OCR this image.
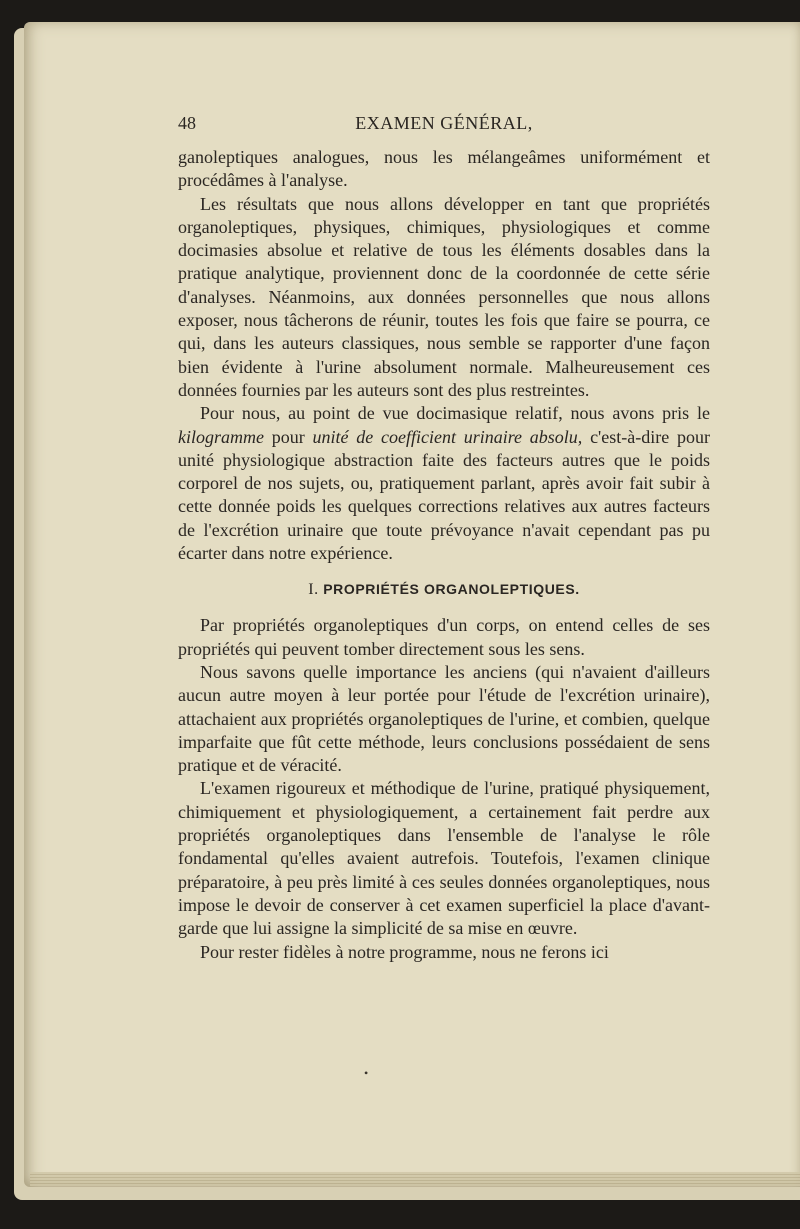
48	EXAMEN GÉNÉRAL,

ganoleptiques analogues, nous les mélangeâmes uniformément et procédâmes à l'analyse.

Les résultats que nous allons développer en tant que propriétés organoleptiques, physiques, chimiques, physiologiques et comme docimasies absolue et relative de tous les éléments dosables dans la pratique analytique, proviennent donc de la coordonnée de cette série d'analyses. Néanmoins, aux données personnelles que nous allons exposer, nous tâcherons de réunir, toutes les fois que faire se pourra, ce qui, dans les auteurs classiques, nous semble se rapporter d'une façon bien évidente à l'urine absolument normale. Malheureusement ces données fournies par les auteurs sont des plus restreintes.

Pour nous, au point de vue docimasique relatif, nous avons pris le kilogramme pour unité de coefficient urinaire absolu, c'est-à-dire pour unité physiologique abstraction faite des facteurs autres que le poids corporel de nos sujets, ou, pratiquement parlant, après avoir fait subir à cette donnée poids les quelques corrections relatives aux autres facteurs de l'excrétion urinaire que toute prévoyance n'avait cependant pas pu écarter dans notre expérience.

I. PROPRIÉTÉS ORGANOLEPTIQUES.

Par propriétés organoleptiques d'un corps, on entend celles de ses propriétés qui peuvent tomber directement sous les sens.

Nous savons quelle importance les anciens (qui n'avaient d'ailleurs aucun autre moyen à leur portée pour l'étude de l'excrétion urinaire), attachaient aux propriétés organoleptiques de l'urine, et combien, quelque imparfaite que fût cette méthode, leurs conclusions possédaient de sens pratique et de véracité.

L'examen rigoureux et méthodique de l'urine, pratiqué physiquement, chimiquement et physiologiquement, a certainement fait perdre aux propriétés organoleptiques dans l'ensemble de l'analyse le rôle fondamental qu'elles avaient autrefois. Toutefois, l'examen clinique préparatoire, à peu près limité à ces seules données organoleptiques, nous impose le devoir de conserver à cet examen superficiel la place d'avant-garde que lui assigne la simplicité de sa mise en œuvre.

Pour rester fidèles à notre programme, nous ne ferons ici

•
